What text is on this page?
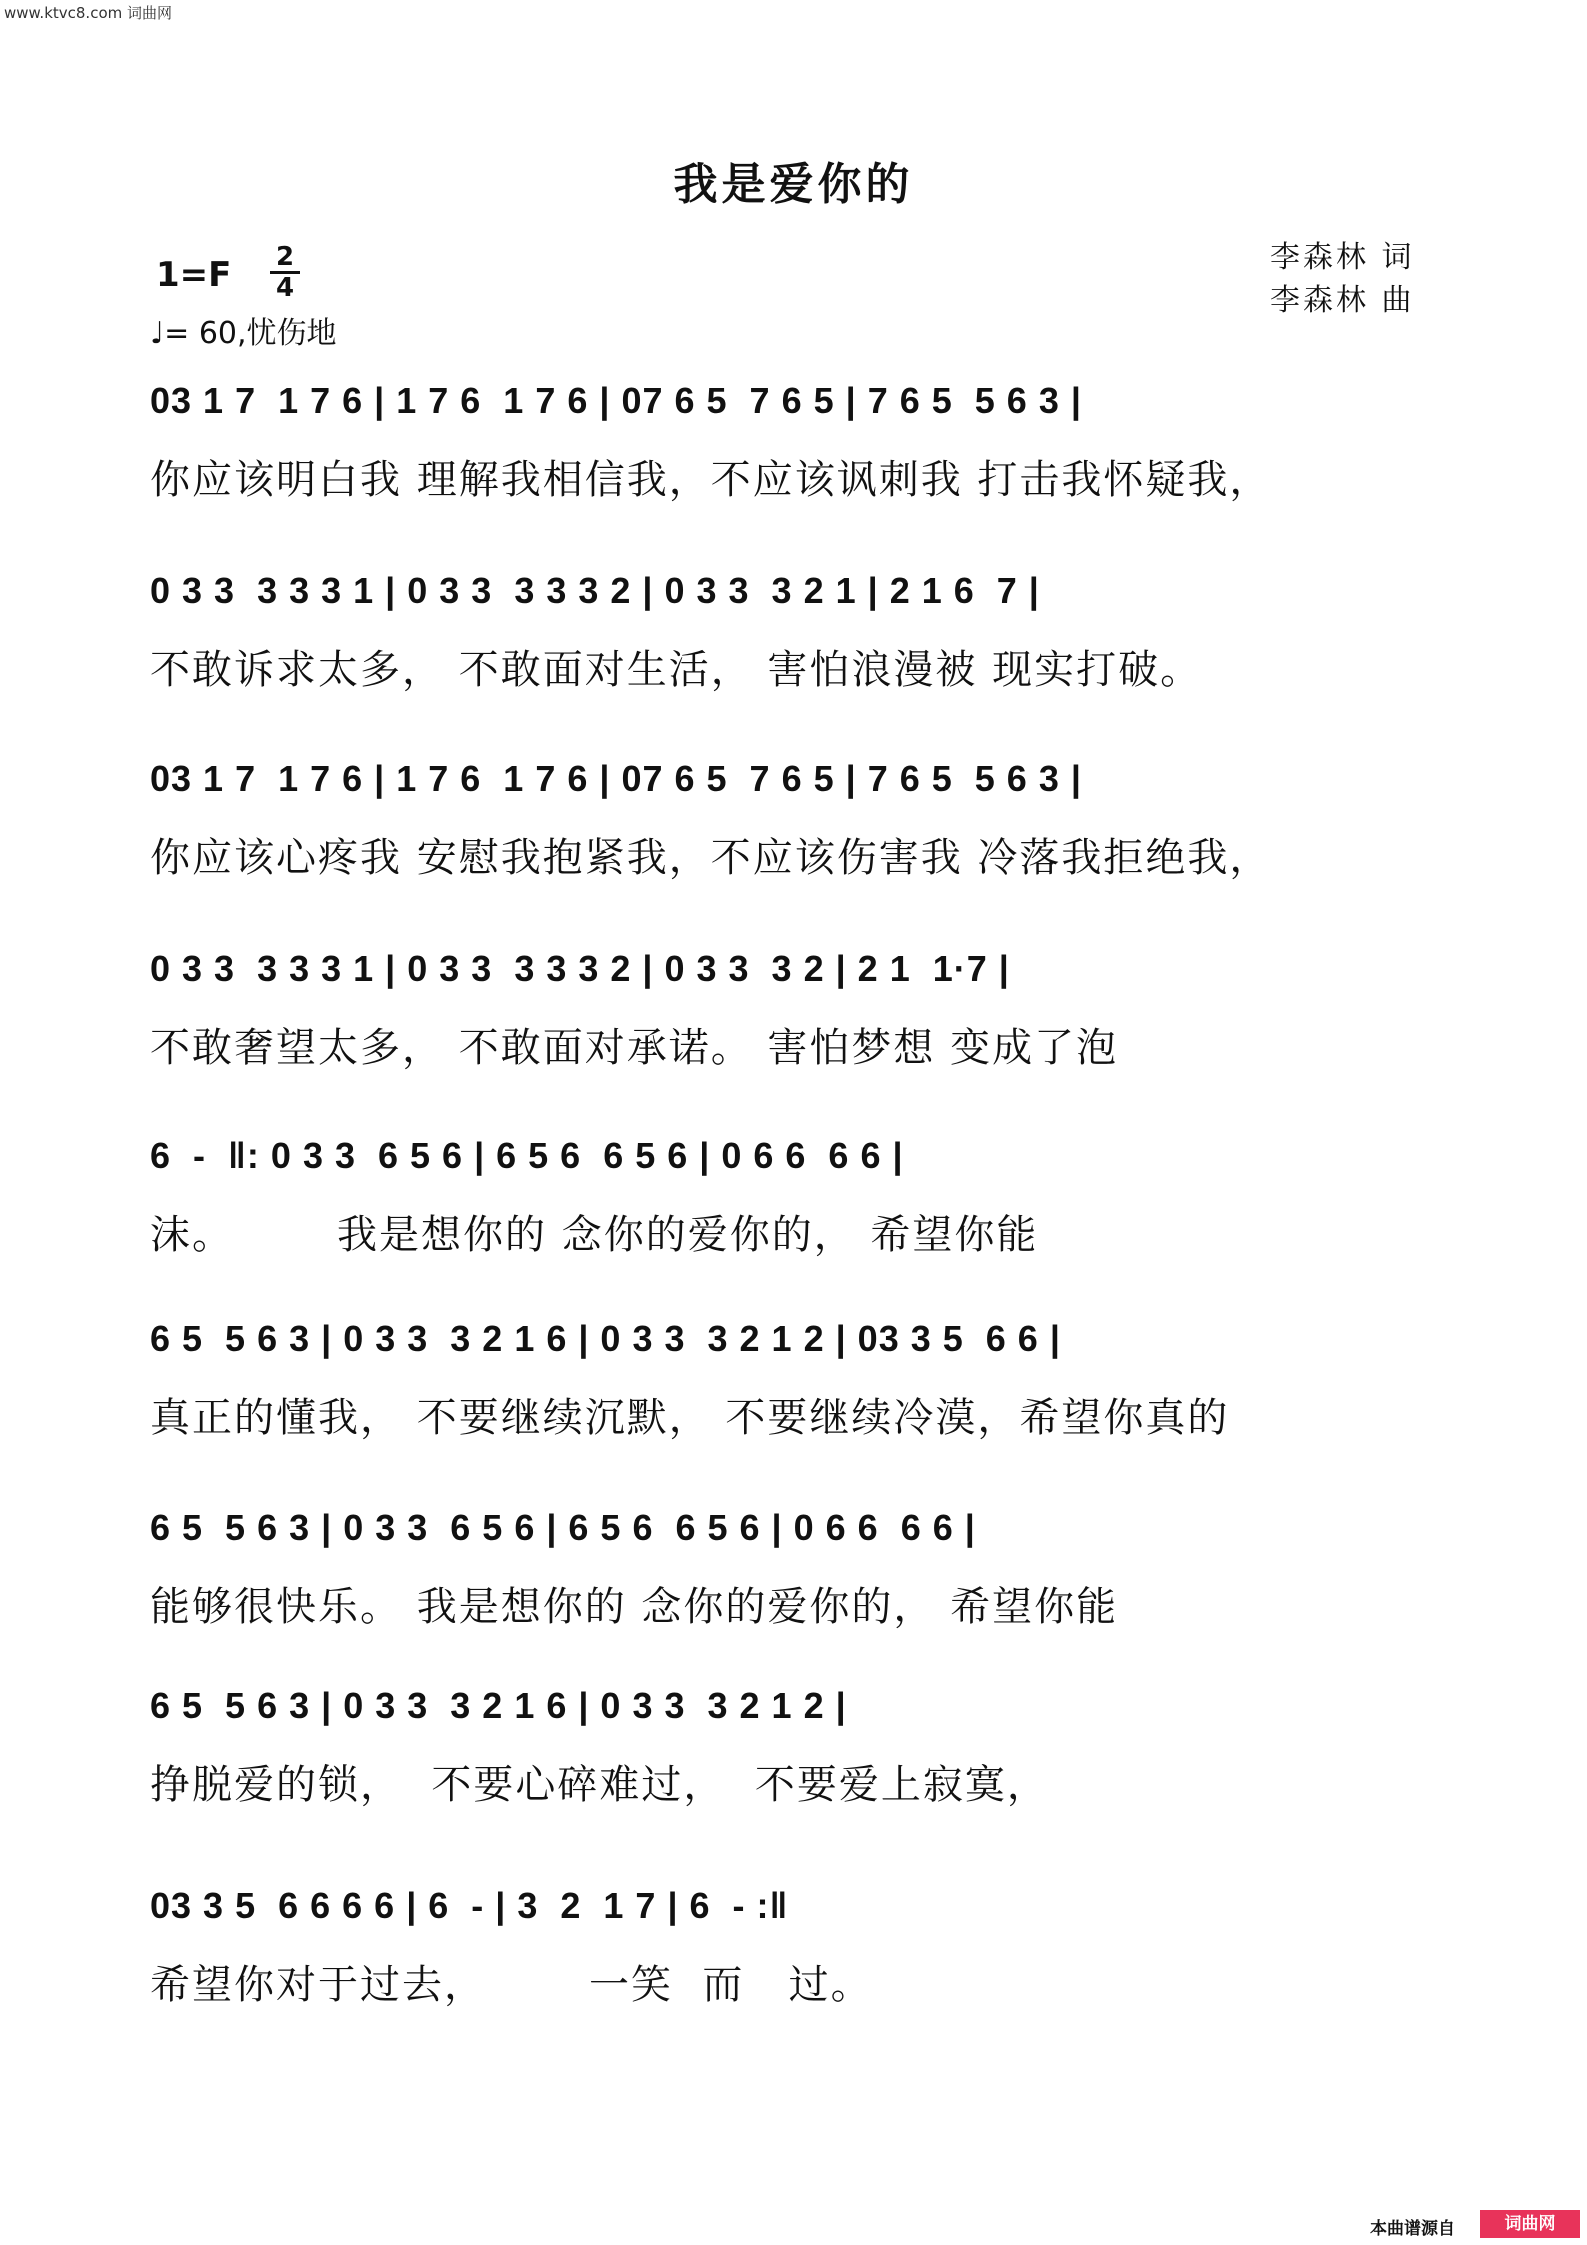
www.ktvc8.com 词曲网
我是爱你的
李森林 词
李森林 曲
1=F 2
4
♩= 60,忧伤地
03 1 7  1 7 6 | 1 7 6  1 7 6 | 07 6 5  7 6 5 | 7 6 5  5 6 3 |
你应该明白我 理解我相信我，不应该讽刺我 打击我怀疑我，
0 3 3  3 3 3 1 | 0 3 3  3 3 3 2 | 0 3 3  3 2 1 | 2 1 6  7 |
不敢诉求太多， 不敢面对生活， 害怕浪漫被 现实打破。
03 1 7  1 7 6 | 1 7 6  1 7 6 | 07 6 5  7 6 5 | 7 6 5  5 6 3 |
你应该心疼我 安慰我抱紧我，不应该伤害我 冷落我拒绝我，
0 3 3  3 3 3 1 | 0 3 3  3 3 3 2 | 0 3 3  3 2 | 2 1  1·7 |
不敢奢望太多， 不敢面对承诺。 害怕梦想 变成了泡
6  -  ‖: 0 3 3  6 5 6 | 6 5 6  6 5 6 | 0 6 6  6 6 |
沫。       我是想你的 念你的爱你的， 希望你能
6 5  5 6 3 | 0 3 3  3 2 1 6 | 0 3 3  3 2 1 2 | 03 3 5  6 6 |
真正的懂我， 不要继续沉默， 不要继续冷漠，希望你真的
6 5  5 6 3 | 0 3 3  6 5 6 | 6 5 6  6 5 6 | 0 6 6  6 6 |
能够很快乐。 我是想你的 念你的爱你的， 希望你能
6 5  5 6 3 | 0 3 3  3 2 1 6 | 0 3 3  3 2 1 2 |
挣脱爱的锁，  不要心碎难过，  不要爱上寂寞，
03 3 5  6 6 6 6 | 6  - | 3  2  1 7 | 6  - :‖
希望你对于过去，       一笑  而   过。
本曲谱源自	词曲网
